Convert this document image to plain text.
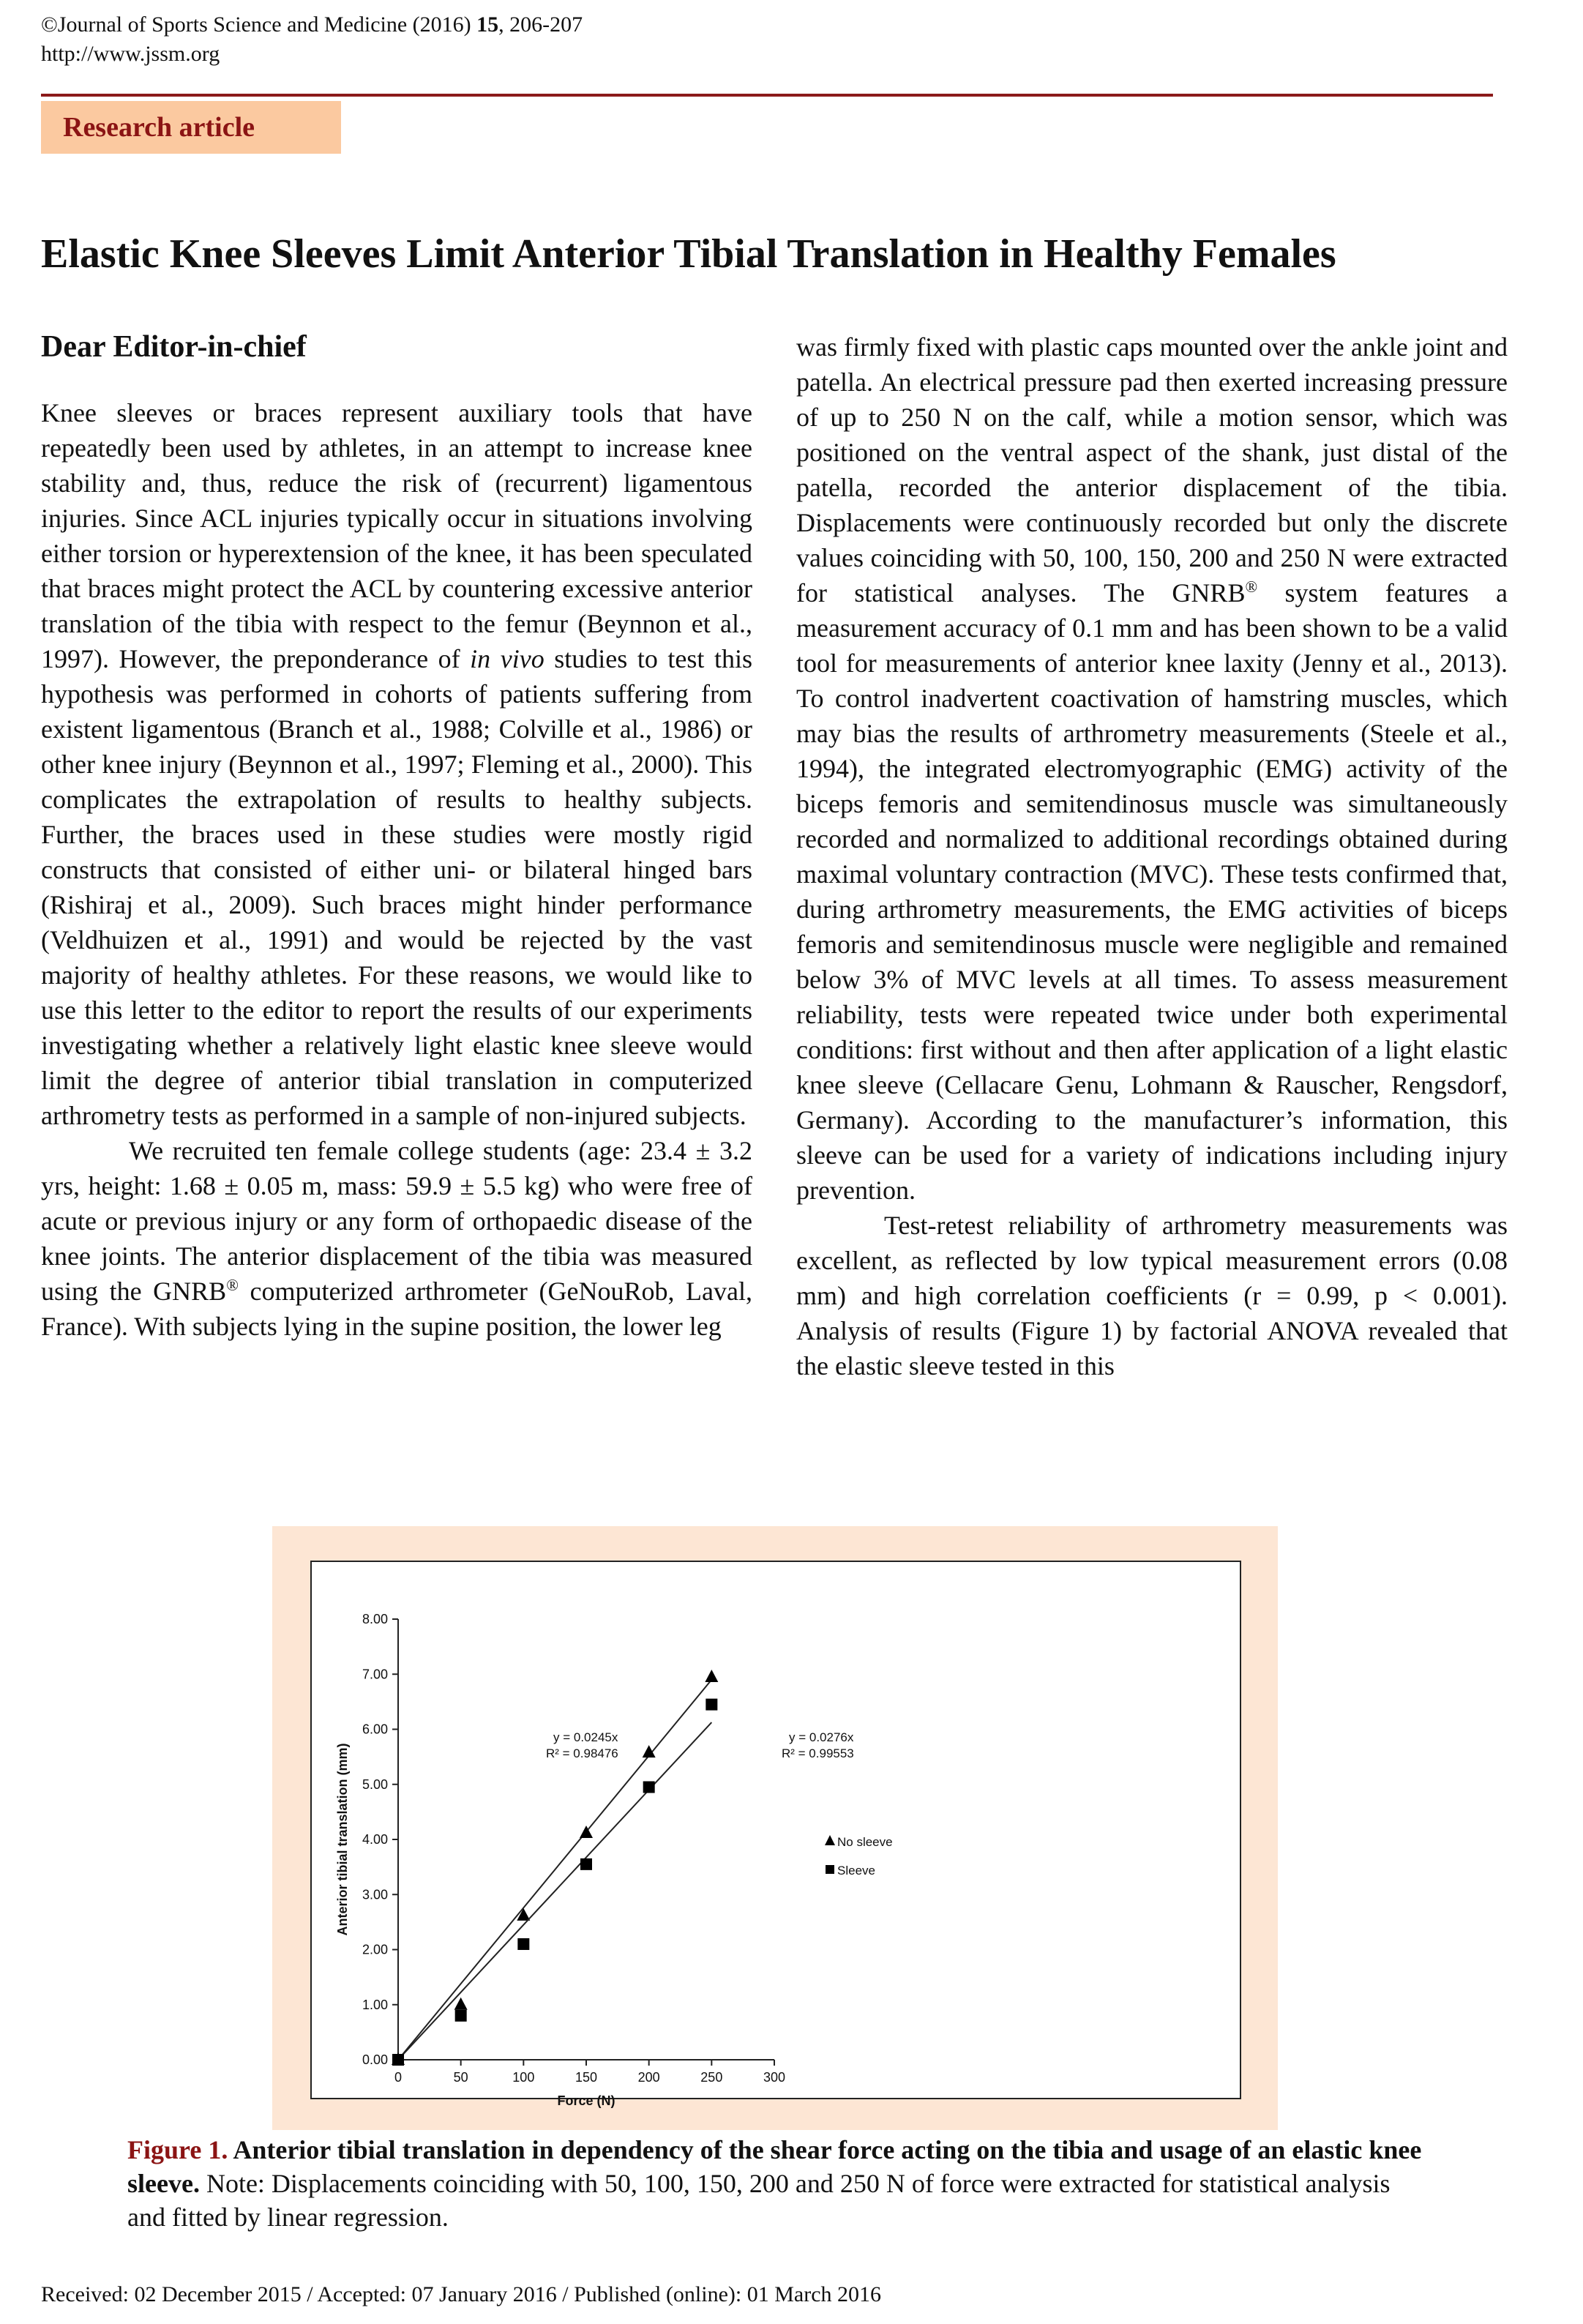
©Journal of Sports Science and Medicine (2016) 15, 206-207
http://www.jssm.org
Research article
Elastic Knee Sleeves Limit Anterior Tibial Translation in Healthy Females
Dear Editor-in-chief

Knee sleeves or braces represent auxiliary tools that have repeatedly been used by athletes, in an attempt to increase knee stability and, thus, reduce the risk of (recurrent) ligamentous injuries. Since ACL injuries typically occur in situations involving either torsion or hyperextension of the knee, it has been speculated that braces might protect the ACL by countering excessive anterior translation of the tibia with respect to the femur (Beynnon et al., 1997). However, the preponderance of in vivo studies to test this hypothesis was performed in cohorts of patients suffering from existent ligamentous (Branch et al., 1988; Colville et al., 1986) or other knee injury (Beynnon et al., 1997; Fleming et al., 2000). This complicates the extrapolation of results to healthy subjects. Further, the braces used in these studies were mostly rigid constructs that consisted of either uni- or bilateral hinged bars (Rishiraj et al., 2009). Such braces might hinder performance (Veldhuizen et al., 1991) and would be rejected by the vast majority of healthy athletes. For these reasons, we would like to use this letter to the editor to report the results of our experiments investigating whether a relatively light elastic knee sleeve would limit the degree of anterior tibial translation in computerized arthrometry tests as performed in a sample of non-injured subjects.

We recruited ten female college students (age: 23.4 ± 3.2 yrs, height: 1.68 ± 0.05 m, mass: 59.9 ± 5.5 kg) who were free of acute or previous injury or any form of orthopaedic disease of the knee joints. The anterior displacement of the tibia was measured using the GNRB® computerized arthrometer (GeNouRob, Laval, France). With subjects lying in the supine position, the lower leg

was firmly fixed with plastic caps mounted over the ankle joint and patella. An electrical pressure pad then exerted increasing pressure of up to 250 N on the calf, while a motion sensor, which was positioned on the ventral aspect of the shank, just distal of the patella, recorded the anterior displacement of the tibia. Displacements were continuously recorded but only the discrete values coinciding with 50, 100, 150, 200 and 250 N were extracted for statistical analyses. The GNRB® system features a measurement accuracy of 0.1 mm and has been shown to be a valid tool for measurements of anterior knee laxity (Jenny et al., 2013). To control inadvertent coactivation of hamstring muscles, which may bias the results of arthrometry measurements (Steele et al., 1994), the integrated electromyographic (EMG) activity of the biceps femoris and semitendinosus muscle was simultaneously recorded and normalized to additional recordings obtained during maximal voluntary contraction (MVC). These tests confirmed that, during arthrometry measurements, the EMG activities of biceps femoris and semitendinosus muscle were negligible and remained below 3% of MVC levels at all times. To assess measurement reliability, tests were repeated twice under both experimental conditions: first without and then after application of a light elastic knee sleeve (Cellacare Genu, Lohmann & Rauscher, Rengsdorf, Germany). According to the manufacturer’s information, this sleeve can be used for a variety of indications including injury prevention.

Test-retest reliability of arthrometry measurements was excellent, as reflected by low typical measurement errors (0.08 mm) and high correlation coefficients (r = 0.99, p < 0.001). Analysis of results (Figure 1) by factorial ANOVA revealed that the elastic sleeve tested in this

0.00
1.00
2.00
3.00
4.00
5.00
6.00
7.00
8.00
0	50	100	150	200	250	300
Force (N)
Anterior tibial translation (mm)
y = 0.0245x
R² = 0.98476
y = 0.0276x
R² = 0.99553
No sleeve
Sleeve
Figure 1. Anterior tibial translation in dependency of the shear force acting on the tibia and usage of an elastic knee sleeve. Note: Displacements coinciding with 50, 100, 150, 200 and 250 N of force were extracted for statistical analysis and fitted by linear regression.
Received: 02 December 2015 / Accepted: 07 January 2016 / Published (online): 01 March 2016
